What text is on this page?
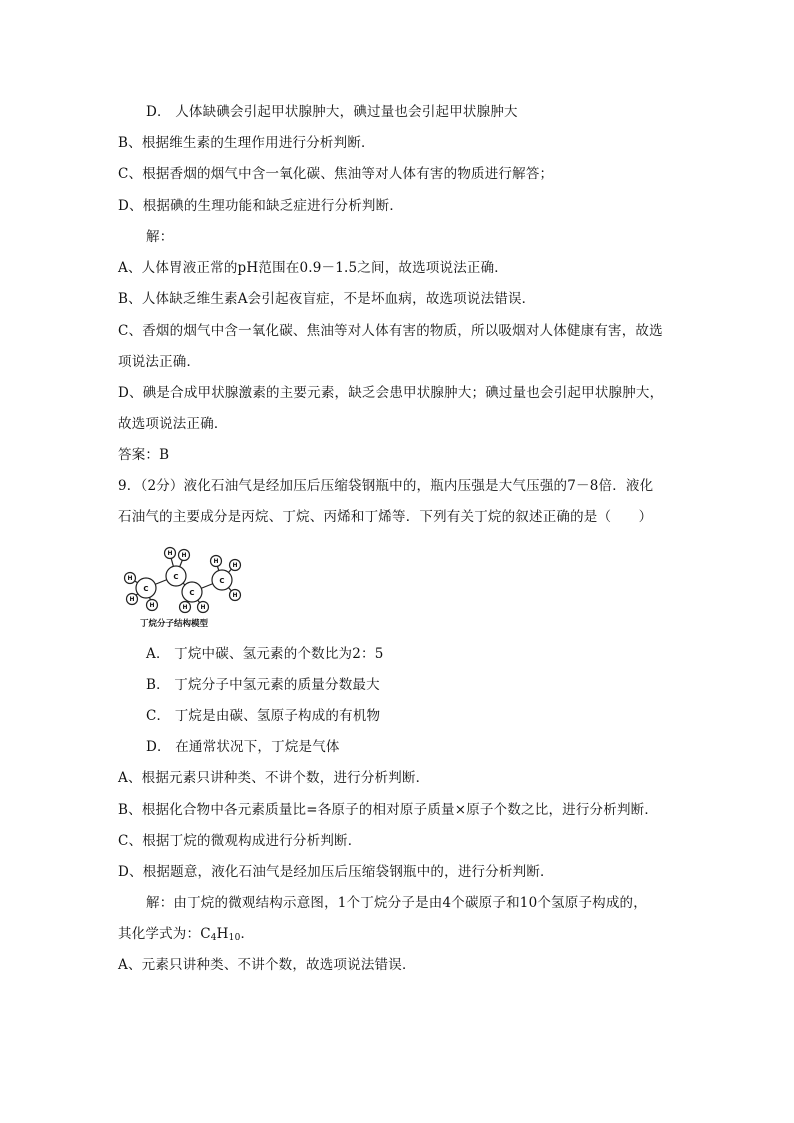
D． 人体缺碘会引起甲状腺肿大，碘过量也会引起甲状腺肿大
B、根据维生素的生理作用进行分析判断．
C、根据香烟的烟气中含一氧化碳、焦油等对人体有害的物质进行解答；
D、根据碘的生理功能和缺乏症进行分析判断．
解：
A、人体胃液正常的pH范围在0.9－1.5之间，故选项说法正确．
B、人体缺乏维生素A会引起夜盲症，不是坏血病，故选项说法错误．
C、香烟的烟气中含一氧化碳、焦油等对人体有害的物质，所以吸烟对人体健康有害，故选
项说法正确．
D、碘是合成甲状腺激素的主要元素，缺乏会患甲状腺肿大；碘过量也会引起甲状腺肿大，
故选项说法正确．
答案：B
9．（2分）液化石油气是经加压后压缩袋钢瓶中的，瓶内压强是大气压强的7－8倍．液化
石油气的主要成分是丙烷、丁烷、丙烯和丁烯等．下列有关丁烷的叙述正确的是（　　）
C
C
C
C
H
H
H
H H
H H
H
H
H
丁烷分子结构模型
A． 丁烷中碳、氢元素的个数比为2：5
B． 丁烷分子中氢元素的质量分数最大
C． 丁烷是由碳、氢原子构成的有机物
D． 在通常状况下，丁烷是气体
A、根据元素只讲种类、不讲个数，进行分析判断．
B、根据化合物中各元素质量比=各原子的相对原子质量×原子个数之比，进行分析判断．
C、根据丁烷的微观构成进行分析判断．
D、根据题意，液化石油气是经加压后压缩袋钢瓶中的，进行分析判断．
解：由丁烷的微观结构示意图，1个丁烷分子是由4个碳原子和10个氢原子构成的，
其化学式为：$C_4H_{10}$．
A、元素只讲种类、不讲个数，故选项说法错误．
